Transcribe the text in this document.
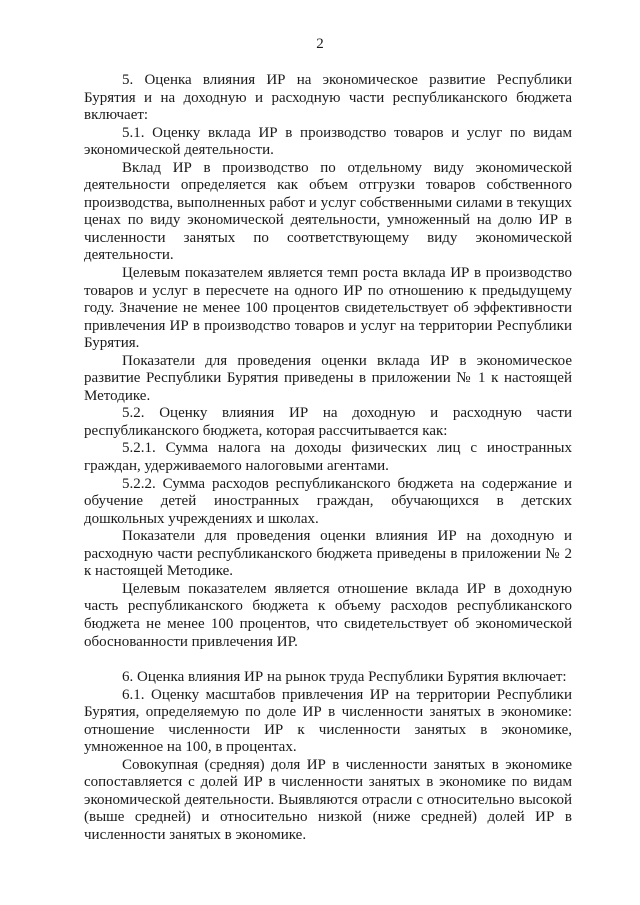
2

5. Оценка влияния ИР на экономическое развитие Республики Бурятия и на доходную и расходную части республиканского бюджета включает:

5.1. Оценку вклада ИР в производство товаров и услуг по видам экономической деятельности.

Вклад ИР в производство по отдельному виду экономической деятельности определяется как объем отгрузки товаров собственного производства, выполненных работ и услуг собственными силами в текущих ценах по виду экономической деятельности, умноженный на долю ИР в численности занятых по соответствующему виду экономической деятельности.

Целевым показателем является темп роста вклада ИР в производство товаров и услуг в пересчете на одного ИР по отношению к предыдущему году. Значение не менее 100 процентов свидетельствует об эффективности привлечения ИР в производство товаров и услуг на территории Республики Бурятия.

Показатели для проведения оценки вклада ИР в экономическое развитие Республики Бурятия приведены в приложении № 1 к настоящей Методике.

5.2. Оценку влияния ИР на доходную и расходную части республиканского бюджета, которая рассчитывается как:

5.2.1. Сумма налога на доходы физических лиц с иностранных граждан, удерживаемого налоговыми агентами.

5.2.2. Сумма расходов республиканского бюджета на содержание и обучение детей иностранных граждан, обучающихся в детских дошкольных учреждениях и школах.

Показатели для проведения оценки влияния ИР на доходную и расходную части республиканского бюджета приведены в приложении № 2 к настоящей Методике.

Целевым показателем является отношение вклада ИР в доходную часть республиканского бюджета к объему расходов республиканского бюджета не менее 100 процентов, что свидетельствует об экономической обоснованности привлечения ИР.

6. Оценка влияния ИР на рынок труда Республики Бурятия включает:

6.1. Оценку масштабов привлечения ИР на территории Республики Бурятия, определяемую по доле ИР в численности занятых в экономике: отношение численности ИР к численности занятых в экономике, умноженное на 100, в процентах.

Совокупная (средняя) доля ИР в численности занятых в экономике сопоставляется с долей ИР в численности занятых в экономике по видам экономической деятельности. Выявляются отрасли с относительно высокой (выше средней) и относительно низкой (ниже средней) долей ИР в численности занятых в экономике.
